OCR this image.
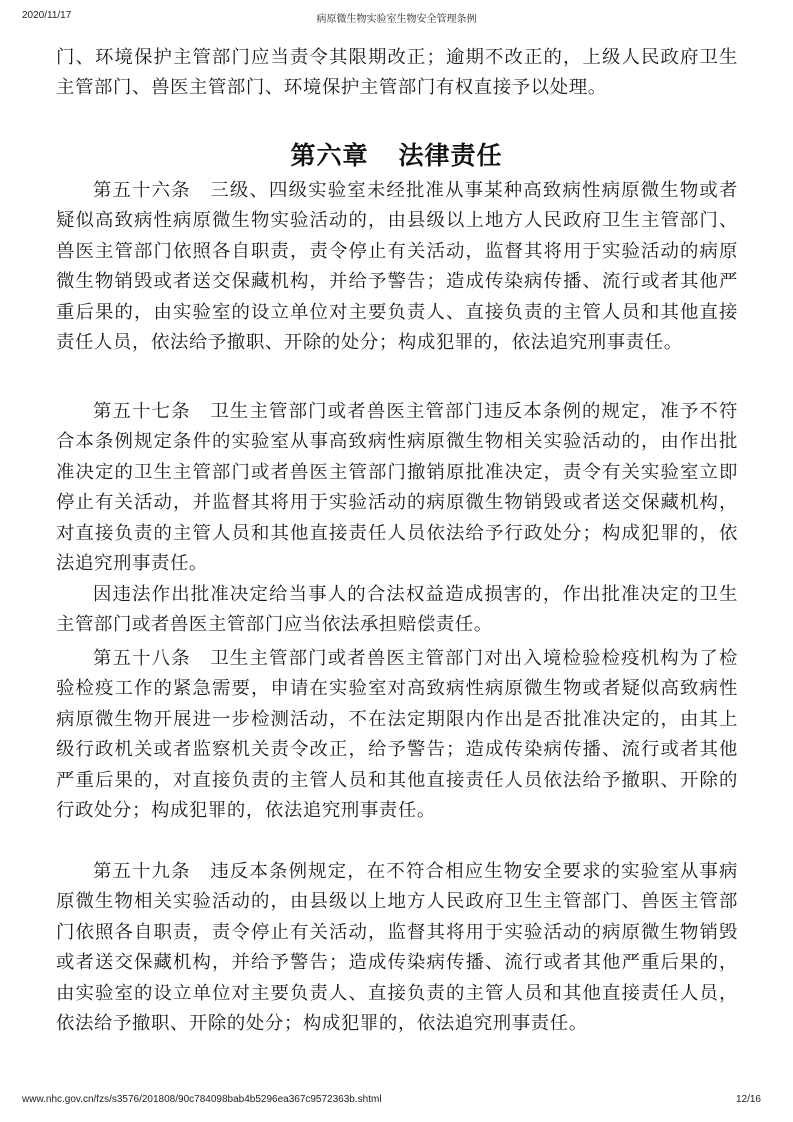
2020/11/17	病原微生物实验室生物安全管理条例

门、环境保护主管部门应当责令其限期改正；逾期不改正的，上级人民政府卫生主管部门、兽医主管部门、环境保护主管部门有权直接予以处理。

第六章 法律责任

第五十六条　三级、四级实验室未经批准从事某种高致病性病原微生物或者疑似高致病性病原微生物实验活动的，由县级以上地方人民政府卫生主管部门、兽医主管部门依照各自职责，责令停止有关活动，监督其将用于实验活动的病原微生物销毁或者送交保藏机构，并给予警告；造成传染病传播、流行或者其他严重后果的，由实验室的设立单位对主要负责人、直接负责的主管人员和其他直接责任人员，依法给予撤职、开除的处分；构成犯罪的，依法追究刑事责任。

第五十七条　卫生主管部门或者兽医主管部门违反本条例的规定，准予不符合本条例规定条件的实验室从事高致病性病原微生物相关实验活动的，由作出批准决定的卫生主管部门或者兽医主管部门撤销原批准决定，责令有关实验室立即停止有关活动，并监督其将用于实验活动的病原微生物销毁或者送交保藏机构，对直接负责的主管人员和其他直接责任人员依法给予行政处分；构成犯罪的，依法追究刑事责任。

因违法作出批准决定给当事人的合法权益造成损害的，作出批准决定的卫生主管部门或者兽医主管部门应当依法承担赔偿责任。

第五十八条　卫生主管部门或者兽医主管部门对出入境检验检疫机构为了检验检疫工作的紧急需要，申请在实验室对高致病性病原微生物或者疑似高致病性病原微生物开展进一步检测活动，不在法定期限内作出是否批准决定的，由其上级行政机关或者监察机关责令改正，给予警告；造成传染病传播、流行或者其他严重后果的，对直接负责的主管人员和其他直接责任人员依法给予撤职、开除的行政处分；构成犯罪的，依法追究刑事责任。

第五十九条　违反本条例规定，在不符合相应生物安全要求的实验室从事病原微生物相关实验活动的，由县级以上地方人民政府卫生主管部门、兽医主管部门依照各自职责，责令停止有关活动，监督其将用于实验活动的病原微生物销毁或者送交保藏机构，并给予警告；造成传染病传播、流行或者其他严重后果的，由实验室的设立单位对主要负责人、直接负责的主管人员和其他直接责任人员，依法给予撤职、开除的处分；构成犯罪的，依法追究刑事责任。

www.nhc.gov.cn/fzs/s3576/201808/90c784098bab4b5296ea367c9572363b.shtml	12/16
